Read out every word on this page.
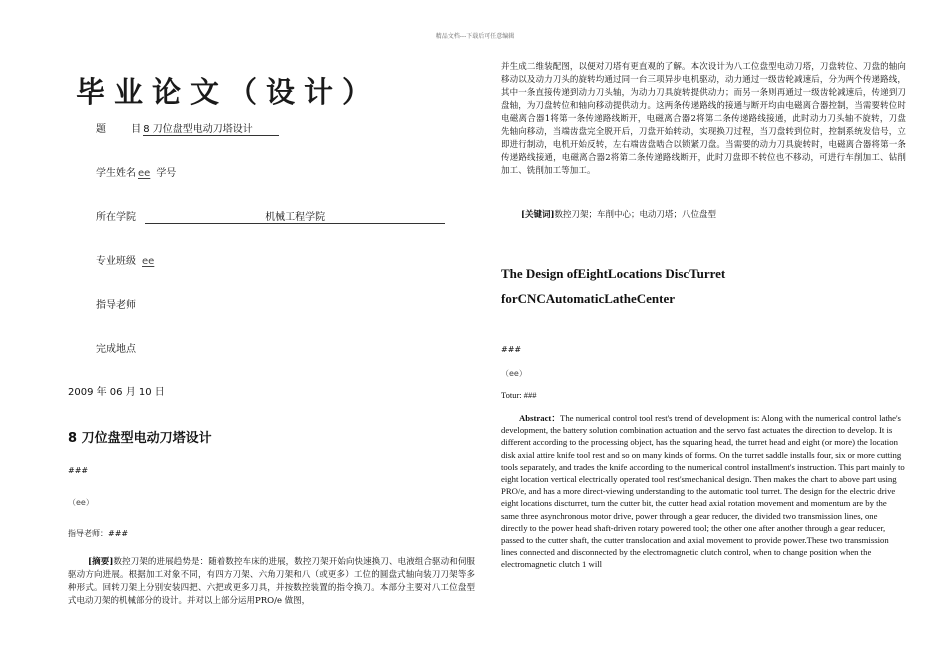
精品文档---下载后可任意编辑
毕业论文（设计）
题 目 8 刀位盘型电动刀塔设计
学生姓名 ee 学号
所在学院	机械工程学院
专业班级 ee
指导老师
完成地点
2009 年 06 月 10 日
8 刀位盘型电动刀塔设计
###
（ee）
指导老师：###
[摘要]数控刀架的进展趋势是：随着数控车床的进展，数控刀架开始向快速换刀、电液组合驱动和伺服驱动方向进展。根据加工对象不同，有四方刀架、六角刀架和八（或更多）工位的圆盘式轴向装刀刀架等多种形式。回转刀架上分别安装四把、六把或更多刀具，并按数控装置的指令换刀。本部分主要对八工位盘型式电动刀架的机械部分的设计。并对以上部分运用PRO/e 做图，
并生成二维装配图，以便对刀塔有更直观的了解。本次设计为八工位盘型电动刀塔，刀盘转位、刀盘的轴向移动以及动力刀头的旋转均通过同一台三项异步电机驱动，动力通过一级齿轮减速后，分为两个传递路线，其中一条直接传递到动力刀头轴，为动力刀具旋转提供动力；而另一条则再通过一级齿轮减速后，传递到刀盘轴，为刀盘转位和轴向移动提供动力。这两条传递路线的接通与断开均由电磁离合器控制，当需要转位时电磁离合器1将第一条传递路线断开，电磁离合器2将第二条传递路线接通，此时动力刀头轴不旋转，刀盘先轴向移动，当端齿盘完全脱开后，刀盘开始转动，实现换刀过程，当刀盘转到位时，控制系统发信号，立即进行制动，电机开始反转，左右端齿盘啮合以锁紧刀盘。当需要的动力刀具旋转时，电磁离合器将第一条传递路线接通，电磁离合器2将第二条传递路线断开，此时刀盘即不转位也不移动，可进行车削加工、钻削加工、铣削加工等加工。
[关键词]数控刀架；车削中心；电动刀塔；八位盘型
The Design ofEightLocations DiscTurret
forCNCAutomaticLatheCenter
###
（ee）
Totur: ###
Abstract：The numerical control tool rest's trend of development is: Along with the numerical control lathe's development, the battery solution combination actuation and the servo fast actuates the direction to develop. It is different according to the processing object, has the squaring head, the turret head and eight (or more) the location disk axial attire knife tool rest and so on many kinds of forms. On the turret saddle installs four, six or more cutting tools separately, and trades the knife according to the numerical control installment's instruction. This part mainly to eight location vertical electrically operated tool rest'smechanical design. Then makes the chart to above part using PRO/e, and has a more direct-viewing understanding to the automatic tool turret. The design for the electric drive eight locations discturret, turn the cutter bit, the cutter head axial rotation movement and momentum are by the same three asynchronous motor drive, power through a gear reducer, the divided two transmission lines, one directly to the power head shaft-driven rotary powered tool; the other one after another through a gear reducer, passed to the cutter shaft, the cutter translocation and axial movement to provide power.These two transmission lines connected and disconnected by the electromagnetic clutch control, when to change position when the electromagnetic clutch 1 will
